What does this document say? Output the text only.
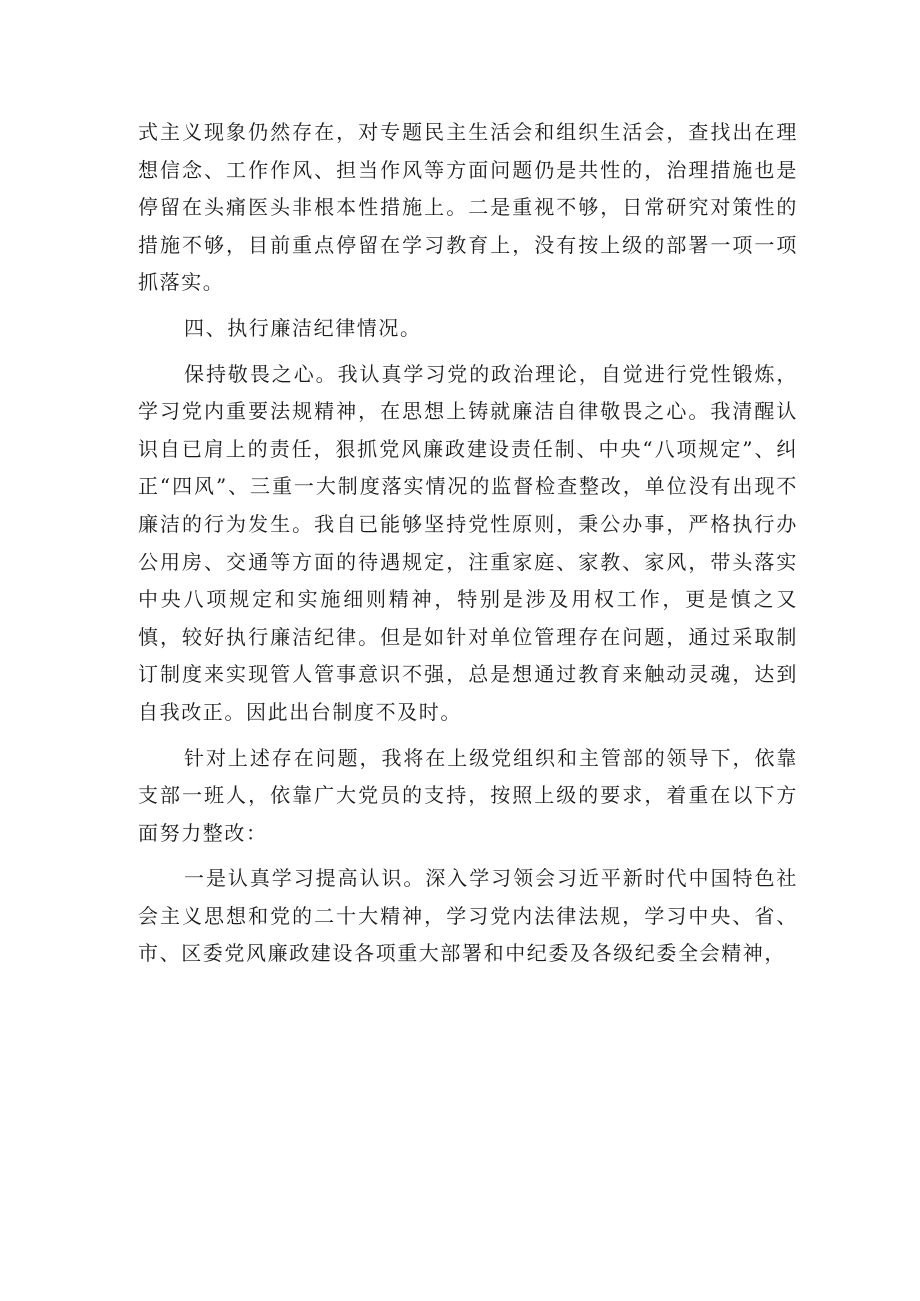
式主义现象仍然存在，对专题民主生活会和组织生活会，查找出在理想信念、工作作风、担当作风等方面问题仍是共性的，治理措施也是停留在头痛医头非根本性措施上。二是重视不够，日常研究对策性的措施不够，目前重点停留在学习教育上，没有按上级的部署一项一项抓落实。

四、执行廉洁纪律情况。

保持敬畏之心。我认真学习党的政治理论，自觉进行党性锻炼，学习党内重要法规精神，在思想上铸就廉洁自律敬畏之心。我清醒认识自已肩上的责任，狠抓党风廉政建设责任制、中央“八项规定”、纠正“四风”、三重一大制度落实情况的监督检查整改，单位没有出现不廉洁的行为发生。我自已能够坚持党性原则，秉公办事，严格执行办公用房、交通等方面的待遇规定，注重家庭、家教、家风，带头落实中央八项规定和实施细则精神，特别是涉及用权工作，更是慎之又慎，较好执行廉洁纪律。但是如针对单位管理存在问题，通过采取制订制度来实现管人管事意识不强，总是想通过教育来触动灵魂，达到自我改正。因此出台制度不及时。

针对上述存在问题，我将在上级党组织和主管部的领导下，依靠支部一班人，依靠广大党员的支持，按照上级的要求，着重在以下方面努力整改：

一是认真学习提高认识。深入学习领会习近平新时代中国特色社会主义思想和党的二十大精神，学习党内法律法规，学习中央、省、市、区委党风廉政建设各项重大部署和中纪委及各级纪委全会精神，
